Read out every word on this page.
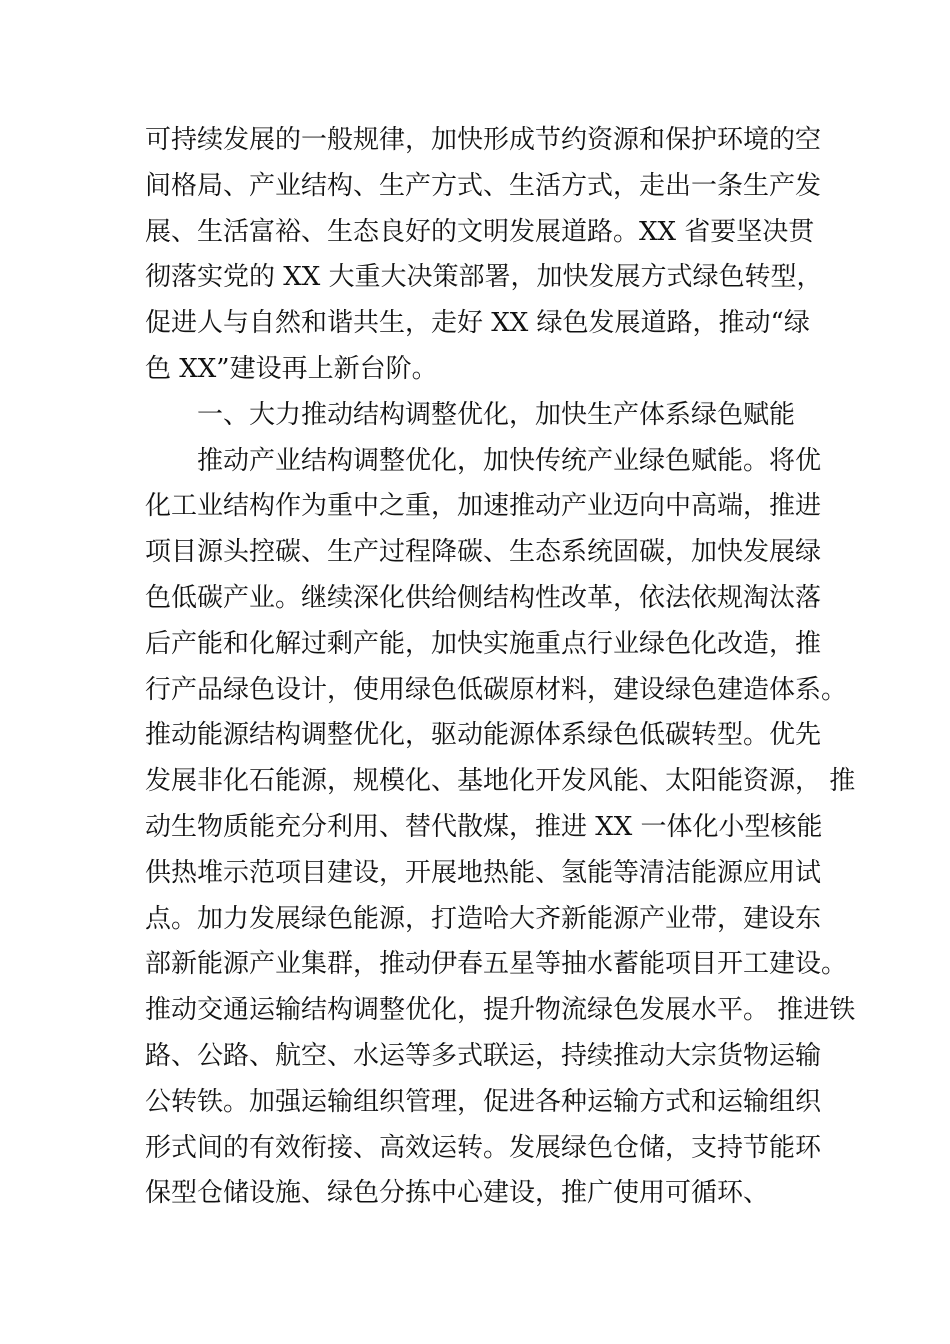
可持续发展的一般规律，加快形成节约资源和保护环境的空
间格局、产业结构、生产方式、生活方式，走出一条生产发
展、生活富裕、生态良好的文明发展道路。XX 省要坚决贯
彻落实党的 XX 大重大决策部署，加快发展方式绿色转型，
促进人与自然和谐共生，走好 XX 绿色发展道路，推动“绿
色 XX”建设再上新台阶。
一、大力推动结构调整优化，加快生产体系绿色赋能
推动产业结构调整优化，加快传统产业绿色赋能。将优
化工业结构作为重中之重，加速推动产业迈向中高端，推进
项目源头控碳、生产过程降碳、生态系统固碳，加快发展绿
色低碳产业。继续深化供给侧结构性改革，依法依规淘汰落
后产能和化解过剩产能，加快实施重点行业绿色化改造，推
行产品绿色设计，使用绿色低碳原材料，建设绿色建造体系。
推动能源结构调整优化，驱动能源体系绿色低碳转型。优先
发展非化石能源，规模化、基地化开发风能、太阳能资源， 推
动生物质能充分利用、替代散煤，推进 XX 一体化小型核能
供热堆示范项目建设，开展地热能、氢能等清洁能源应用试
点。加力发展绿色能源，打造哈大齐新能源产业带，建设东
部新能源产业集群，推动伊春五星等抽水蓄能项目开工建设。
推动交通运输结构调整优化，提升物流绿色发展水平。 推进铁
路、公路、航空、水运等多式联运，持续推动大宗货物运输
公转铁。加强运输组织管理，促进各种运输方式和运输组织
形式间的有效衔接、高效运转。发展绿色仓储，支持节能环
保型仓储设施、绿色分拣中心建设，推广使用可循环、
